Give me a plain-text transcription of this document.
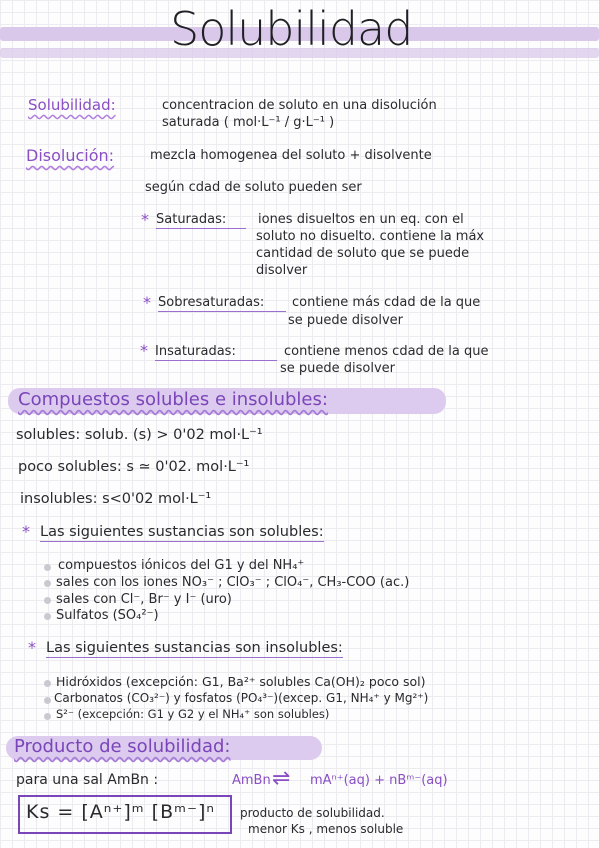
Solubilidad
Solubilidad:	concentracion de soluto en una disolución
saturada ( mol·L⁻¹ / g·L⁻¹ )
Disolución:	mezcla homogenea del soluto + disolvente
según cdad de soluto pueden ser
* Saturadas:	iones disueltos en un eq. con el
soluto no disuelto. contiene la máx
cantidad de soluto que se puede
disolver
* Sobresaturadas:	contiene más cdad de la que
se puede disolver
* Insaturadas:	contiene menos cdad de la que
se puede disolver
Compuestos solubles e insolubles:
solubles: solub. (s) > 0'02 mol·L⁻¹
poco solubles: s ≃ 0'02. mol·L⁻¹
insolubles: s<0'02 mol·L⁻¹
* Las siguientes sustancias son solubles:
compuestos iónicos del G1 y del NH₄⁺
sales con los iones NO₃⁻ ; ClO₃⁻ ; ClO₄⁻, CH₃-COO (ac.)
sales con Cl⁻, Br⁻ y I⁻ (uro)
Sulfatos (SO₄²⁻)
* Las siguientes sustancias son insolubles:
Hidróxidos (excepción: G1, Ba²⁺ solubles Ca(OH)₂ poco sol)
Carbonatos (CO₃²⁻) y fosfatos (PO₄³⁻)(excep. G1, NH₄⁺ y Mg²⁺)
S²⁻ (excepción: G1 y G2 y el NH₄⁺ son solubles)
Producto de solubilidad:
para una sal AmBn :	AmBn ⇌ mAⁿ⁺(aq) + nBᵐ⁻(aq)
Ks = [Aⁿ⁺]ᵐ [Bᵐ⁻]ⁿ producto de solubilidad.
menor Ks , menos soluble
